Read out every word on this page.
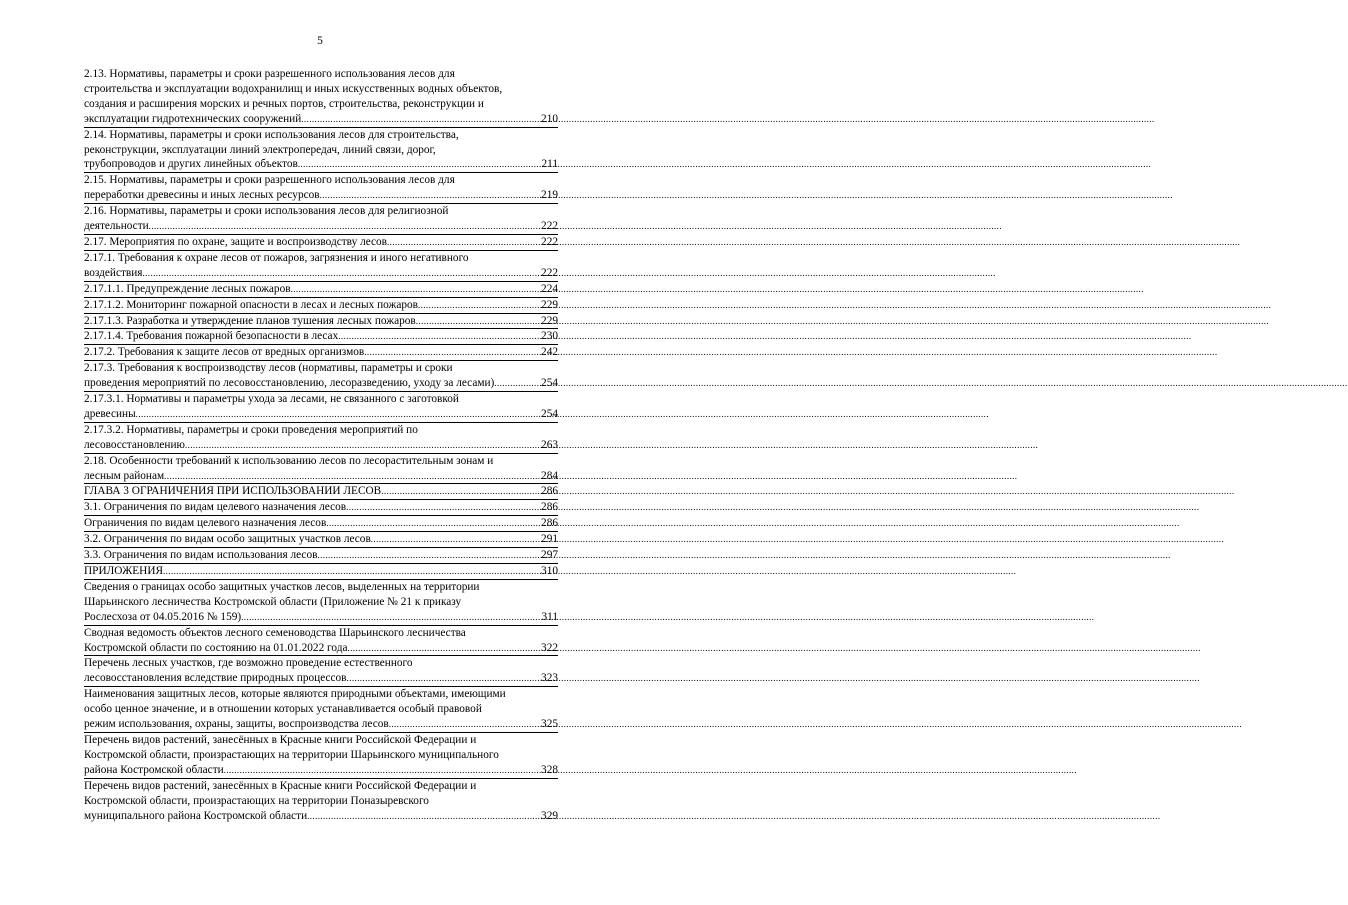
5
2.13. Нормативы, параметры и сроки разрешенного использования лесов для
строительства и эксплуатации водохранилищ и иных искусственных водных объектов,
создания и расширения морских и речных портов, строительства, реконструкции и
эксплуатации гидротехнических сооружений .....	210
2.14. Нормативы, параметры и сроки использования лесов для строительства,
реконструкции, эксплуатации линий электропередач, линий связи, дорог,
трубопроводов и других линейных объектов .....	211
2.15. Нормативы, параметры и сроки разрешенного использования лесов для
переработки древесины и иных лесных ресурсов .....	219
2.16. Нормативы, параметры и сроки использования лесов для религиозной
деятельности .....	222
2.17. Мероприятия по охране, защите и воспроизводству лесов .....	222
2.17.1. Требования к охране лесов от пожаров, загрязнения и иного негативного
воздействия .....	222
2.17.1.1. Предупреждение лесных пожаров .....	224
2.17.1.2. Мониторинг пожарной опасности в лесах и лесных пожаров .....	229
2.17.1.3. Разработка и утверждение планов тушения лесных пожаров .....	229
2.17.1.4. Требования пожарной безопасности в лесах .....	230
2.17.2. Требования к защите лесов от вредных организмов .....	242
2.17.3. Требования к воспроизводству лесов (нормативы, параметры и сроки
проведения мероприятий по лесовосстановлению, лесоразведению, уходу за лесами) .....	254
2.17.3.1. Нормативы и параметры ухода за лесами, не связанного с заготовкой
древесины .....	254
2.17.3.2. Нормативы, параметры и сроки проведения мероприятий по
лесовосстановлению .....	263
2.18. Особенности требований к использованию лесов по лесорастительным зонам и
лесным районам .....	284
ГЛАВА 3 ОГРАНИЧЕНИЯ ПРИ ИСПОЛЬЗОВАНИИ ЛЕСОВ .....	286
3.1. Ограничения по видам целевого назначения лесов .....	286
Ограничения по видам целевого назначения лесов .....	286
3.2. Ограничения по видам особо защитных участков лесов .....	291
3.3. Ограничения по видам использования лесов .....	297
ПРИЛОЖЕНИЯ .....	310
Сведения о границах особо защитных участков лесов, выделенных на территории
Шарьинского лесничества Костромской области (Приложение № 21 к приказу
Рослесхоза от 04.05.2016 № 159) .....	311
Сводная ведомость объектов лесного семеноводства Шарьинского лесничества
Костромской области по состоянию на 01.01.2022 года .....	322
Перечень лесных участков, где возможно проведение естественного
лесовосстановления вследствие природных процессов .....	323
Наименования защитных лесов, которые являются природными объектами, имеющими
особо ценное значение, и в отношении которых устанавливается особый правовой
режим использования, охраны, защиты, воспроизводства лесов .....	325
Перечень видов растений, занесённых в Красные книги Российской Федерации и
Костромской области, произрастающих на территории Шарьинского муниципального
района Костромской области .....	328
Перечень видов растений, занесённых в Красные книги Российской Федерации и
Костромской области, произрастающих на территории Поназыревского
муниципального района Костромской области .....	329
